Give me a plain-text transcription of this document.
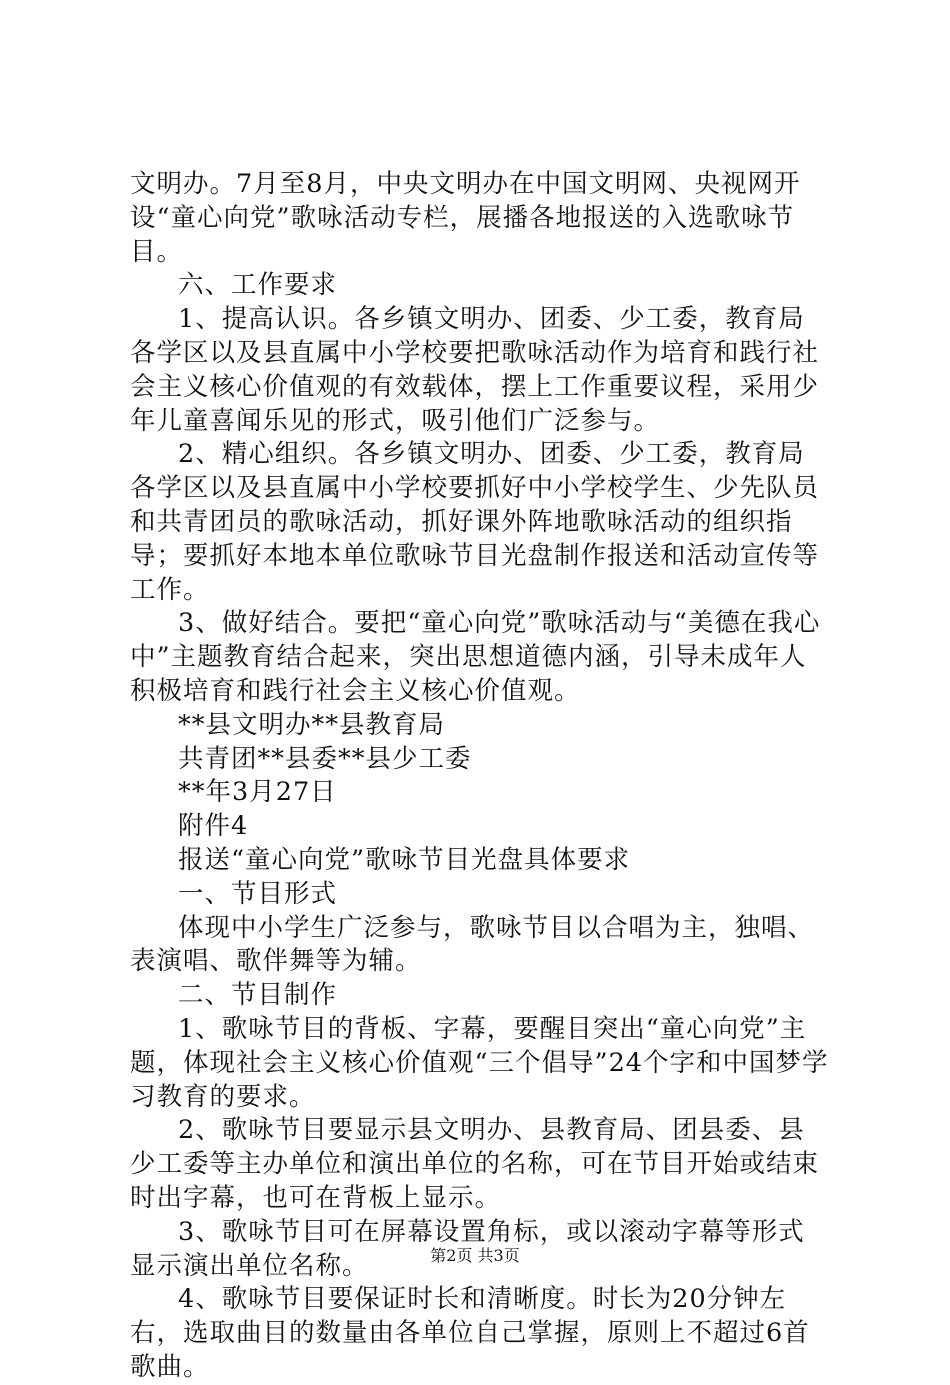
文明办。7月至8月，中央文明办在中国文明网、央视网开设“童心向党”歌咏活动专栏，展播各地报送的入选歌咏节目。

六、工作要求

1、提高认识。各乡镇文明办、团委、少工委，教育局各学区以及县直属中小学校要把歌咏活动作为培育和践行社会主义核心价值观的有效载体，摆上工作重要议程，采用少年儿童喜闻乐见的形式，吸引他们广泛参与。

2、精心组织。各乡镇文明办、团委、少工委，教育局各学区以及县直属中小学校要抓好中小学校学生、少先队员和共青团员的歌咏活动，抓好课外阵地歌咏活动的组织指导；要抓好本地本单位歌咏节目光盘制作报送和活动宣传等工作。

3、做好结合。要把“童心向党”歌咏活动与“美德在我心中”主题教育结合起来，突出思想道德内涵，引导未成年人积极培育和践行社会主义核心价值观。

**县文明办**县教育局

共青团**县委**县少工委

**年3月27日

附件4

报送“童心向党”歌咏节目光盘具体要求

一、节目形式

体现中小学生广泛参与，歌咏节目以合唱为主，独唱、表演唱、歌伴舞等为辅。

二、节目制作

1、歌咏节目的背板、字幕，要醒目突出“童心向党”主题，体现社会主义核心价值观“三个倡导”24个字和中国梦学习教育的要求。

2、歌咏节目要显示县文明办、县教育局、团县委、县少工委等主办单位和演出单位的名称，可在节目开始或结束时出字幕，也可在背板上显示。

3、歌咏节目可在屏幕设置角标，或以滚动字幕等形式显示演出单位名称。

4、歌咏节目要保证时长和清晰度。时长为20分钟左右，选取曲目的数量由各单位自己掌握，原则上不超过6首歌曲。

第2页 共3页
